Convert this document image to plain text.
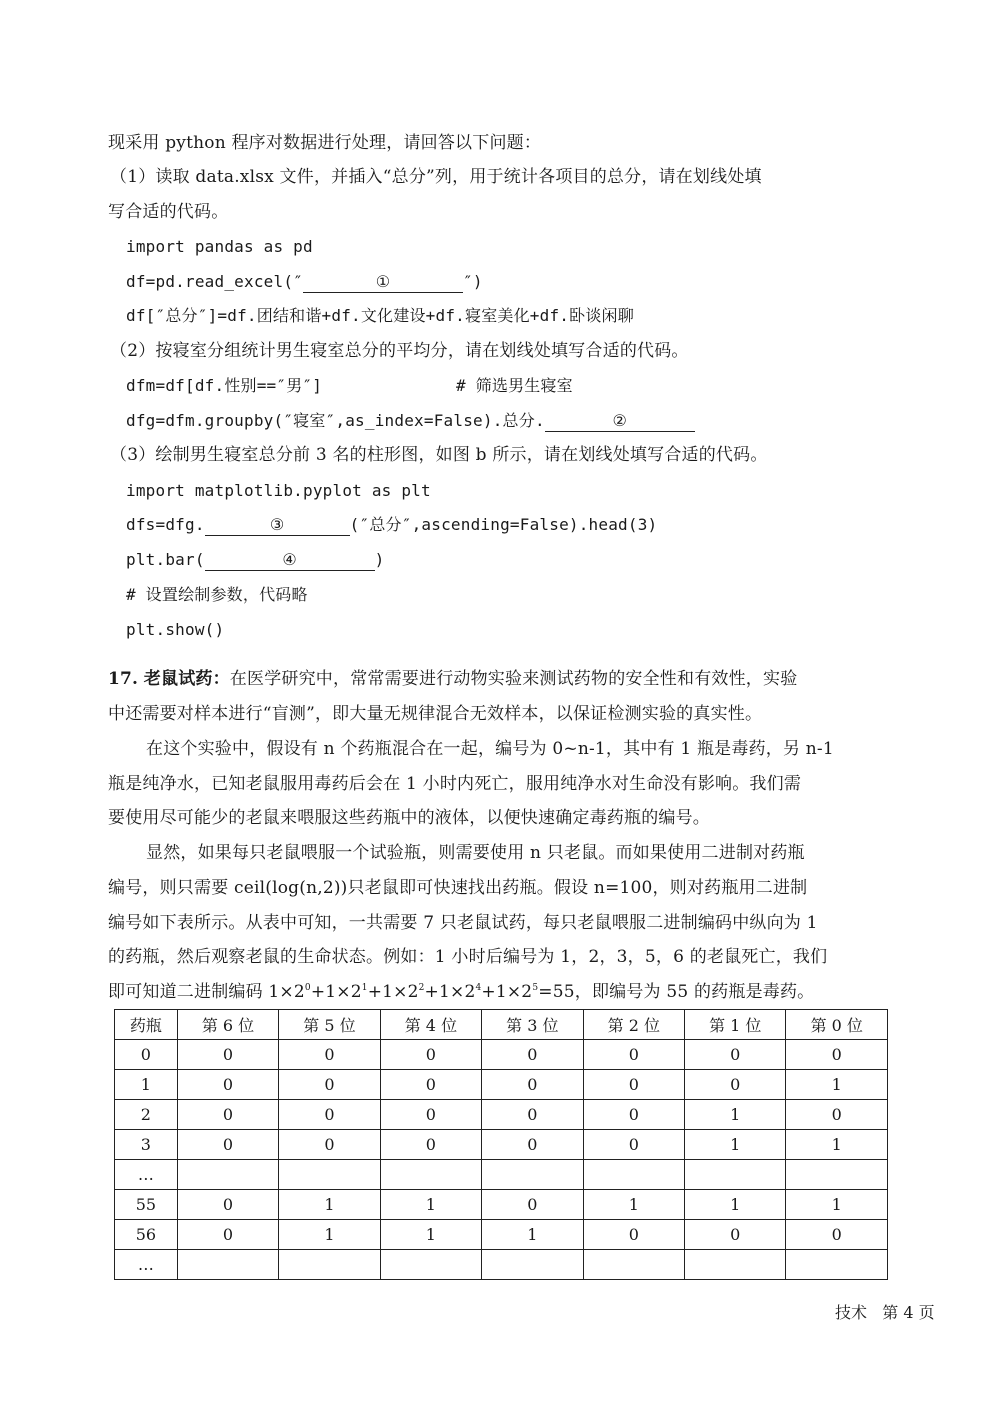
现采用 python 程序对数据进行处理，请回答以下问题：
（1）读取 data.xlsx 文件，并插入“总分”列，用于统计各项目的总分，请在划线处填
写合适的代码。
import pandas as pd
df=pd.read_excel(″	①	″)
df[″总分″]=df.团结和谐+df.文化建设+df.寝室美化+df.卧谈闲聊
（2）按寝室分组统计男生寝室总分的平均分，请在划线处填写合适的代码。
dfm=df[df.性别==″男″]	# 筛选男生寝室
dfg=dfm.groupby(″寝室″,as_index=False).总分.	②
（3）绘制男生寝室总分前 3 名的柱形图，如图 b 所示，请在划线处填写合适的代码。
import matplotlib.pyplot as plt
dfs=dfg.	③	(″总分″,ascending=False).head(3)
plt.bar(	④	)
# 设置绘制参数，代码略
plt.show()
17. 老鼠试药：在医学研究中，常常需要进行动物实验来测试药物的安全性和有效性，实验
中还需要对样本进行“盲测”，即大量无规律混合无效样本，以保证检测实验的真实性。
在这个实验中，假设有 n 个药瓶混合在一起，编号为 0~n-1，其中有 1 瓶是毒药，另 n-1
瓶是纯净水，已知老鼠服用毒药后会在 1 小时内死亡，服用纯净水对生命没有影响。我们需
要使用尽可能少的老鼠来喂服这些药瓶中的液体，以便快速确定毒药瓶的编号。
显然，如果每只老鼠喂服一个试验瓶，则需要使用 n 只老鼠。而如果使用二进制对药瓶
编号，则只需要 ceil(log(n,2))只老鼠即可快速找出药瓶。假设 n=100，则对药瓶用二进制
编号如下表所示。从表中可知，一共需要 7 只老鼠试药，每只老鼠喂服二进制编码中纵向为 1
的药瓶，然后观察老鼠的生命状态。例如：1 小时后编号为 1，2，3，5，6 的老鼠死亡，我们
即可知道二进制编码 $1\times 2^0+1\times 2^1+1\times 2^2+1\times 2^4+1\times 2^5=55$，即编号为 55 的药瓶是毒药。
药瓶	第 6 位	第 5 位	第 4 位	第 3 位	第 2 位	第 1 位	第 0 位
0	0	0	0	0	0	0	0
1	0	0	0	0	0	0	1
2	0	0	0	0	0	1	0
3	0	0	0	0	0	1	1
…							
55	0	1	1	0	1	1	1
56	0	1	1	1	0	0	0
…							
技术   第 4 页
